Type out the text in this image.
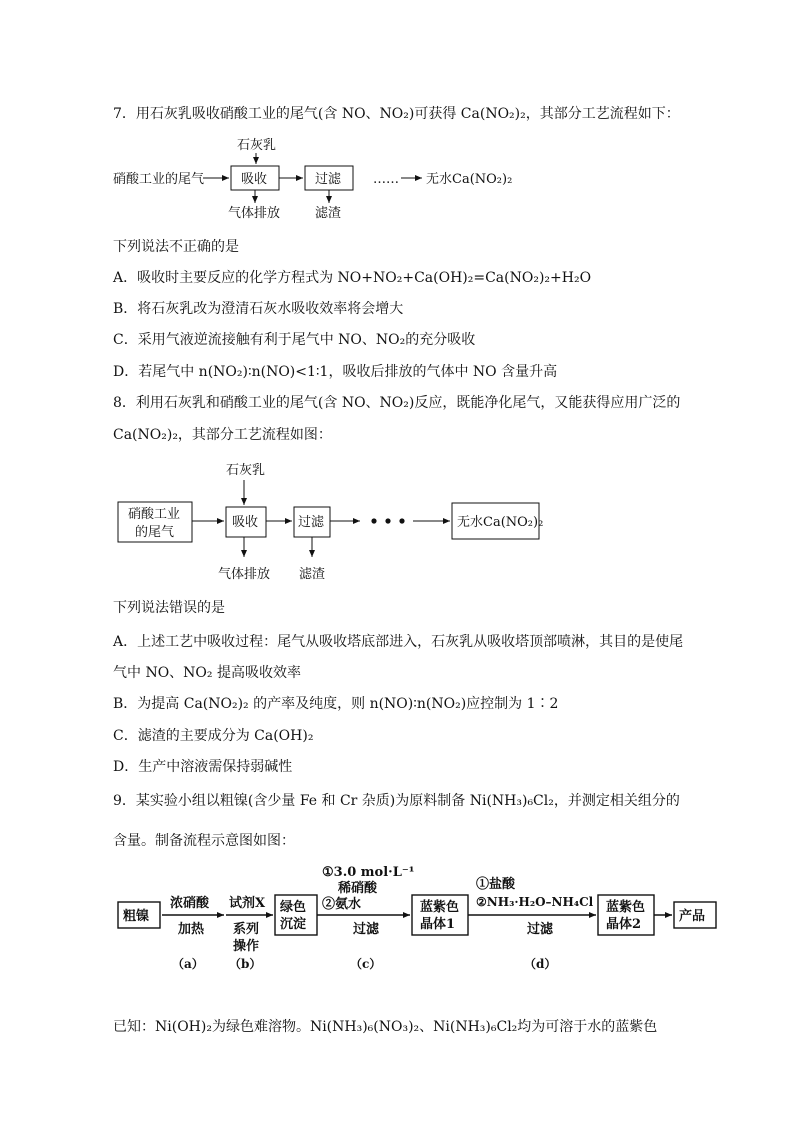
7．用石灰乳吸收硝酸工业的尾气(含 NO、NO₂)可获得 Ca(NO₂)₂，其部分工艺流程如下：
石灰乳
硝酸工业的尾气	吸收	过滤 …… 无水Ca(NO₂)₂
气体排放	滤渣
下列说法不正确的是
A．吸收时主要反应的化学方程式为 NO+NO₂+Ca(OH)₂=Ca(NO₂)₂+H₂O
B．将石灰乳改为澄清石灰水吸收效率将会增大
C．采用气液逆流接触有利于尾气中 NO、NO₂的充分吸收
D．若尾气中 n(NO₂)∶n(NO)<1∶1，吸收后排放的气体中 NO 含量升高
8．利用石灰乳和硝酸工业的尾气(含 NO、NO₂)反应，既能净化尾气，又能获得应用广泛的
Ca(NO₂)₂，其部分工艺流程如图：
石灰乳
硝酸工业
的尾气
吸收	过滤	无水Ca(NO₂)₂
气体排放 滤渣
下列说法错误的是
A．上述工艺中吸收过程：尾气从吸收塔底部进入，石灰乳从吸收塔顶部喷淋，其目的是使尾
气中 NO、NO₂ 提高吸收效率
B．为提高 Ca(NO₂)₂ 的产率及纯度，则 n(NO)∶n(NO₂)应控制为 1∶2
C．滤渣的主要成分为 Ca(OH)₂
D．生产中溶液需保持弱碱性
9．某实验小组以粗镍(含少量 Fe 和 Cr 杂质)为原料制备 Ni(NH₃)₆Cl₂，并测定相关组分的
含量。制备流程示意图如图：
粗镍
浓硝酸
加热
试剂X
系列
操作
绿色
沉淀
①3.0 mol·L⁻¹
稀硝酸
②氨水
过滤
蓝紫色
晶体1
①盐酸
②NH₃·H₂O–NH₄Cl
过滤
蓝紫色
晶体2
产品
（a） （b）	（c）	（d）
已知：Ni(OH)₂为绿色难溶物。Ni(NH₃)₆(NO₃)₂、Ni(NH₃)₆Cl₂均为可溶于水的蓝紫色
